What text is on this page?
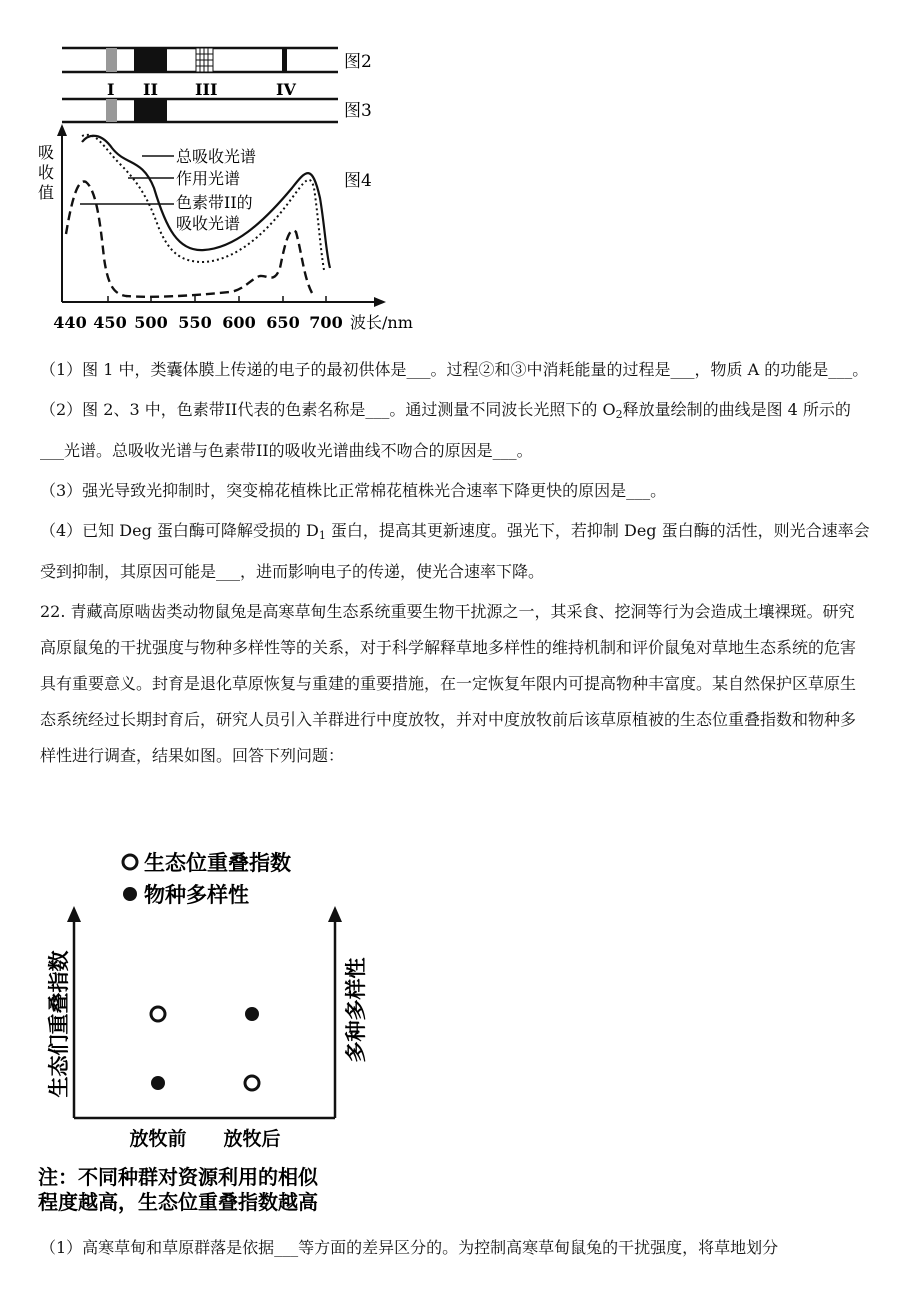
图2
I II III	IV
图3
图4
吸
收
值
440 450 500 550 600 650 700 波长/nm
总吸收光谱
作用光谱
色素带II的
吸收光谱

（1）图 1 中，类囊体膜上传递的电子的最初供体是___。过程②和③中消耗能量的过程是___，物质 A 的功能是___。

（2）图 2、3 中，色素带II代表的色素名称是___。通过测量不同波长光照下的 $O_2$释放量绘制的曲线是图 4 所示的___光谱。总吸收光谱与色素带II的吸收光谱曲线不吻合的原因是___。

（3）强光导致光抑制时，突变棉花植株比正常棉花植株光合速率下降更快的原因是___。

（4）已知 Deg 蛋白酶可降解受损的 $D_1$ 蛋白，提高其更新速度。强光下，若抑制 Deg 蛋白酶的活性，则光合速率会受到抑制，其原因可能是___，进而影响电子的传递，使光合速率下降。

22. 青藏高原啮齿类动物鼠兔是高寒草甸生态系统重要生物干扰源之一，其采食、挖洞等行为会造成土壤裸斑。研究高原鼠兔的干扰强度与物种多样性等的关系，对于科学解释草地多样性的维持机制和评价鼠兔对草地生态系统的危害具有重要意义。封育是退化草原恢复与重建的重要措施，在一定恢复年限内可提高物种丰富度。某自然保护区草原生态系统经过长期封育后，研究人员引入羊群进行中度放牧，并对中度放牧前后该草原植被的生态位重叠指数和物种多样性进行调查，结果如图。回答下列问题：

生态位重叠指数
物种多样性
生态们重叠指数	多种多样性
放牧前 放牧后
注：不同种群对资源利用的相似
程度越高，生态位重叠指数越高

（1）高寒草甸和草原群落是依据___等方面的差异区分的。为控制高寒草甸鼠兔的干扰强度，将草地划分
